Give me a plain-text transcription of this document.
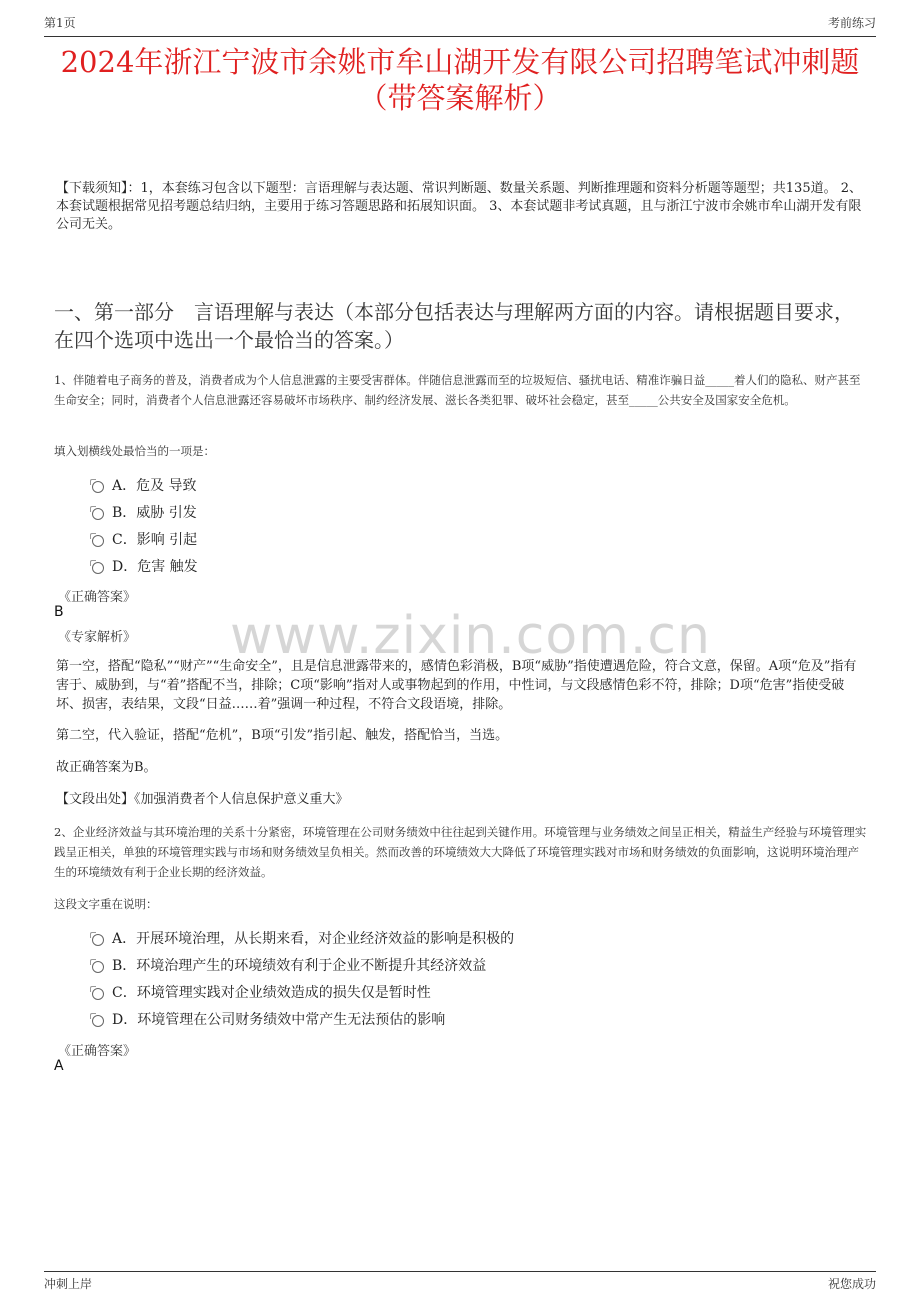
第1页	考前练习
2024年浙江宁波市余姚市牟山湖开发有限公司招聘笔试冲刺题（带答案解析）
【下载须知】：1，本套练习包含以下题型：言语理解与表达题、常识判断题、数量关系题、判断推理题和资料分析题等题型；共135道。 2、本套试题根据常见招考题总结归纳，主要用于练习答题思路和拓展知识面。 3、本套试题非考试真题，且与浙江宁波市余姚市牟山湖开发有限公司无关。
一、第一部分　言语理解与表达（本部分包括表达与理解两方面的内容。请根据题目要求，在四个选项中选出一个最恰当的答案。）
1、伴随着电子商务的普及，消费者成为个人信息泄露的主要受害群体。伴随信息泄露而至的垃圾短信、骚扰电话、精准诈骗日益_____着人们的隐私、财产甚至生命安全；同时，消费者个人信息泄露还容易破坏市场秩序、制约经济发展、滋长各类犯罪、破坏社会稳定，甚至_____公共安全及国家安全危机。
填入划横线处最恰当的一项是：
A．危及 导致
B．威胁 引发
C．影响 引起
D．危害 触发
《正确答案》
B
《专家解析》 www.zixin.com.cn
第一空，搭配“隐私”“财产”“生命安全”，且是信息泄露带来的，感情色彩消极，B项“威胁”指使遭遇危险，符合文意，保留。A项“危及”指有害于、威胁到，与“着”搭配不当，排除；C项“影响”指对人或事物起到的作用，中性词，与文段感情色彩不符，排除；D项“危害”指使受破坏、损害，表结果，文段“日益……着”强调一种过程，不符合文段语境，排除。
第二空，代入验证，搭配“危机”，B项“引发”指引起、触发，搭配恰当，当选。
故正确答案为B。
【文段出处】《加强消费者个人信息保护意义重大》
2、企业经济效益与其环境治理的关系十分紧密，环境管理在公司财务绩效中往往起到关键作用。环境管理与业务绩效之间呈正相关，精益生产经验与环境管理实践呈正相关，单独的环境管理实践与市场和财务绩效呈负相关。然而改善的环境绩效大大降低了环境管理实践对市场和财务绩效的负面影响，这说明环境治理产生的环境绩效有利于企业长期的经济效益。
这段文字重在说明：
A．开展环境治理，从长期来看，对企业经济效益的影响是积极的
B．环境治理产生的环境绩效有利于企业不断提升其经济效益
C．环境管理实践对企业绩效造成的损失仅是暂时性
D．环境管理在公司财务绩效中常产生无法预估的影响
《正确答案》
A
冲刺上岸	祝您成功
